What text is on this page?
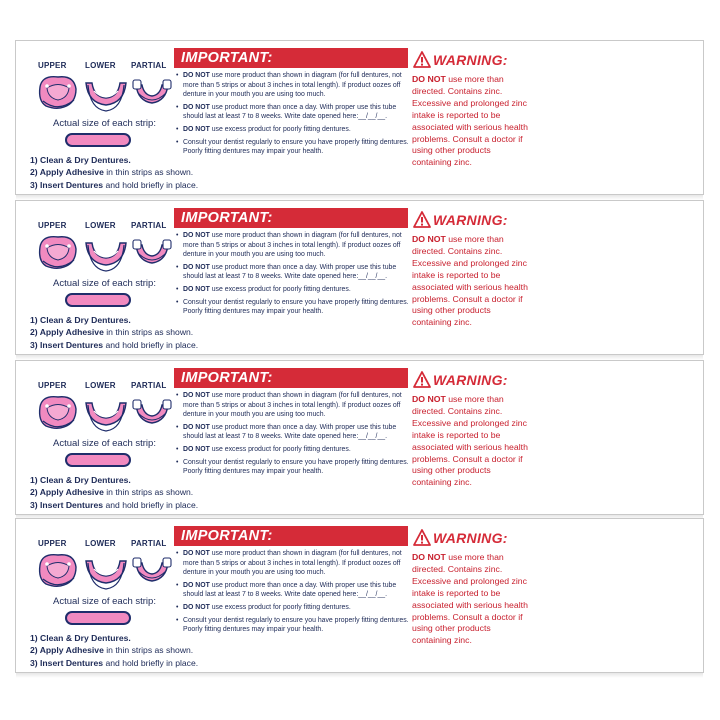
UPPER LOWER PARTIAL
Actual size of each strip:
1) Clean & Dry Dentures.
2) Apply Adhesive in thin strips as shown.
3) Insert Dentures and hold briefly in place.
IMPORTANT:
• DO NOT use more product than shown in diagram (for full dentures, not more than 5 strips or about 3 inches in total length). If product oozes off denture in your mouth you are using too much.
• DO NOT use product more than once a day. With proper use this tube should last at least 7 to 8 weeks. Write date opened here:__/__/__.
• DO NOT use excess product for poorly fitting dentures.
• Consult your dentist regularly to ensure you have properly fitting dentures. Poorly fitting dentures may impair your health.
WARNING:
DO NOT use more than directed. Contains zinc. Excessive and prolonged zinc intake is reported to be associated with serious health problems. Consult a doctor if using other products containing zinc.
UPPER LOWER PARTIAL
Actual size of each strip:
1) Clean & Dry Dentures.
2) Apply Adhesive in thin strips as shown.
3) Insert Dentures and hold briefly in place.
IMPORTANT:
• DO NOT use more product than shown in diagram (for full dentures, not more than 5 strips or about 3 inches in total length). If product oozes off denture in your mouth you are using too much.
• DO NOT use product more than once a day. With proper use this tube should last at least 7 to 8 weeks. Write date opened here:__/__/__.
• DO NOT use excess product for poorly fitting dentures.
• Consult your dentist regularly to ensure you have properly fitting dentures. Poorly fitting dentures may impair your health.
WARNING:
DO NOT use more than directed. Contains zinc. Excessive and prolonged zinc intake is reported to be associated with serious health problems. Consult a doctor if using other products containing zinc.
UPPER LOWER PARTIAL
Actual size of each strip:
1) Clean & Dry Dentures.
2) Apply Adhesive in thin strips as shown.
3) Insert Dentures and hold briefly in place.
IMPORTANT:
• DO NOT use more product than shown in diagram (for full dentures, not more than 5 strips or about 3 inches in total length). If product oozes off denture in your mouth you are using too much.
• DO NOT use product more than once a day. With proper use this tube should last at least 7 to 8 weeks. Write date opened here:__/__/__.
• DO NOT use excess product for poorly fitting dentures.
• Consult your dentist regularly to ensure you have properly fitting dentures. Poorly fitting dentures may impair your health.
WARNING:
DO NOT use more than directed. Contains zinc. Excessive and prolonged zinc intake is reported to be associated with serious health problems. Consult a doctor if using other products containing zinc.
UPPER LOWER PARTIAL
Actual size of each strip:
1) Clean & Dry Dentures.
2) Apply Adhesive in thin strips as shown.
3) Insert Dentures and hold briefly in place.
IMPORTANT:
• DO NOT use more product than shown in diagram (for full dentures, not more than 5 strips or about 3 inches in total length). If product oozes off denture in your mouth you are using too much.
• DO NOT use product more than once a day. With proper use this tube should last at least 7 to 8 weeks. Write date opened here:__/__/__.
• DO NOT use excess product for poorly fitting dentures.
• Consult your dentist regularly to ensure you have properly fitting dentures. Poorly fitting dentures may impair your health.
WARNING:
DO NOT use more than directed. Contains zinc. Excessive and prolonged zinc intake is reported to be associated with serious health problems. Consult a doctor if using other products containing zinc.
